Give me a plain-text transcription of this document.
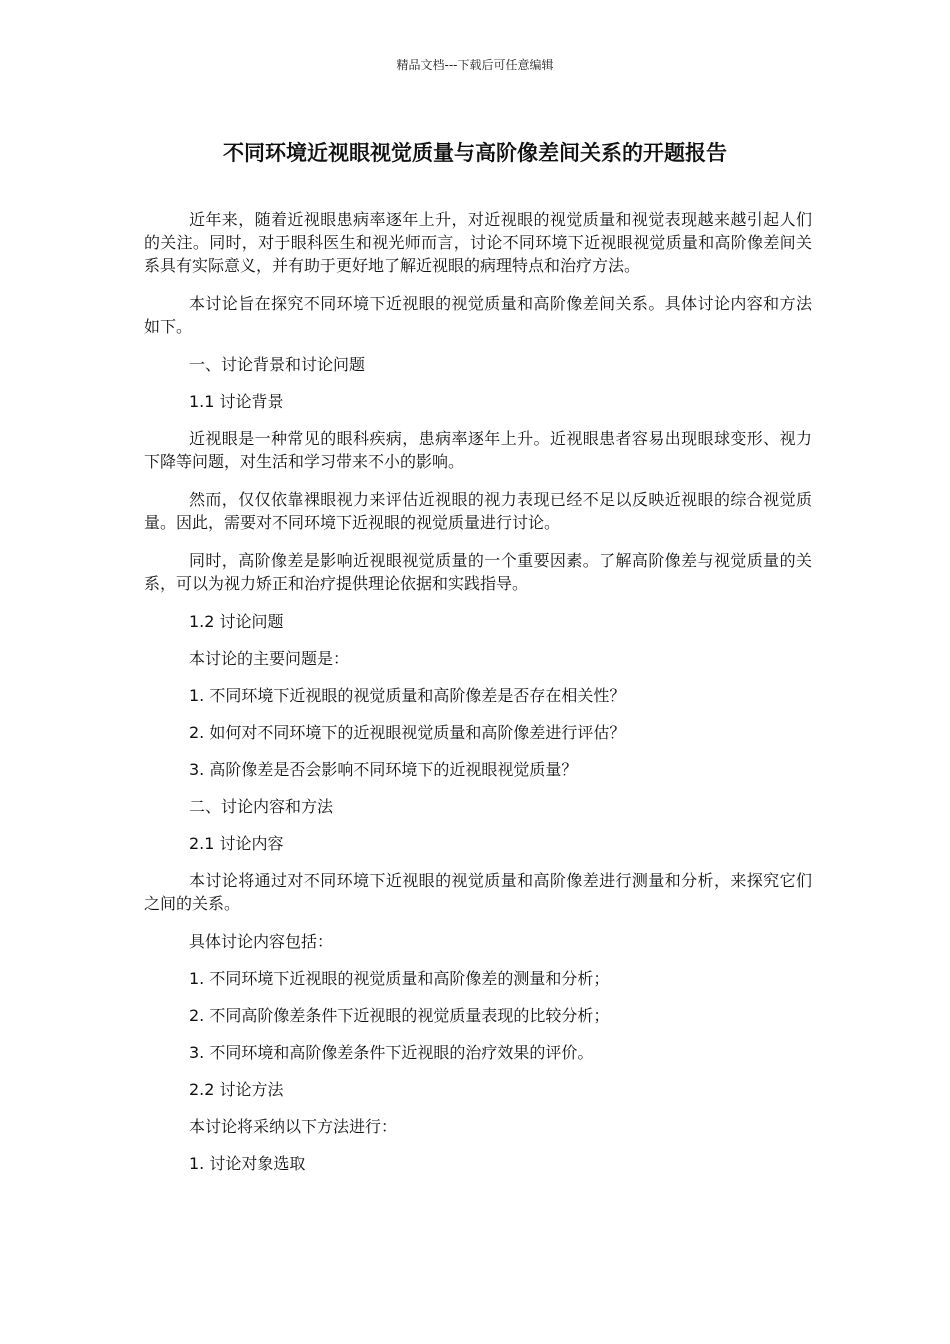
精品文档---下载后可任意编辑
不同环境近视眼视觉质量与高阶像差间关系的开题报告

近年来，随着近视眼患病率逐年上升，对近视眼的视觉质量和视觉表现越来越引起人们的关注。同时，对于眼科医生和视光师而言，讨论不同环境下近视眼视觉质量和高阶像差间关系具有实际意义，并有助于更好地了解近视眼的病理特点和治疗方法。

本讨论旨在探究不同环境下近视眼的视觉质量和高阶像差间关系。具体讨论内容和方法如下。

一、讨论背景和讨论问题

1.1 讨论背景

近视眼是一种常见的眼科疾病，患病率逐年上升。近视眼患者容易出现眼球变形、视力下降等问题，对生活和学习带来不小的影响。

然而，仅仅依靠裸眼视力来评估近视眼的视力表现已经不足以反映近视眼的综合视觉质量。因此，需要对不同环境下近视眼的视觉质量进行讨论。

同时，高阶像差是影响近视眼视觉质量的一个重要因素。了解高阶像差与视觉质量的关系，可以为视力矫正和治疗提供理论依据和实践指导。

1.2 讨论问题

本讨论的主要问题是：

1. 不同环境下近视眼的视觉质量和高阶像差是否存在相关性？

2. 如何对不同环境下的近视眼视觉质量和高阶像差进行评估？

3. 高阶像差是否会影响不同环境下的近视眼视觉质量？

二、讨论内容和方法

2.1 讨论内容

本讨论将通过对不同环境下近视眼的视觉质量和高阶像差进行测量和分析，来探究它们之间的关系。

具体讨论内容包括：

1. 不同环境下近视眼的视觉质量和高阶像差的测量和分析；

2. 不同高阶像差条件下近视眼的视觉质量表现的比较分析；

3. 不同环境和高阶像差条件下近视眼的治疗效果的评价。

2.2 讨论方法

本讨论将采纳以下方法进行：

1. 讨论对象选取
